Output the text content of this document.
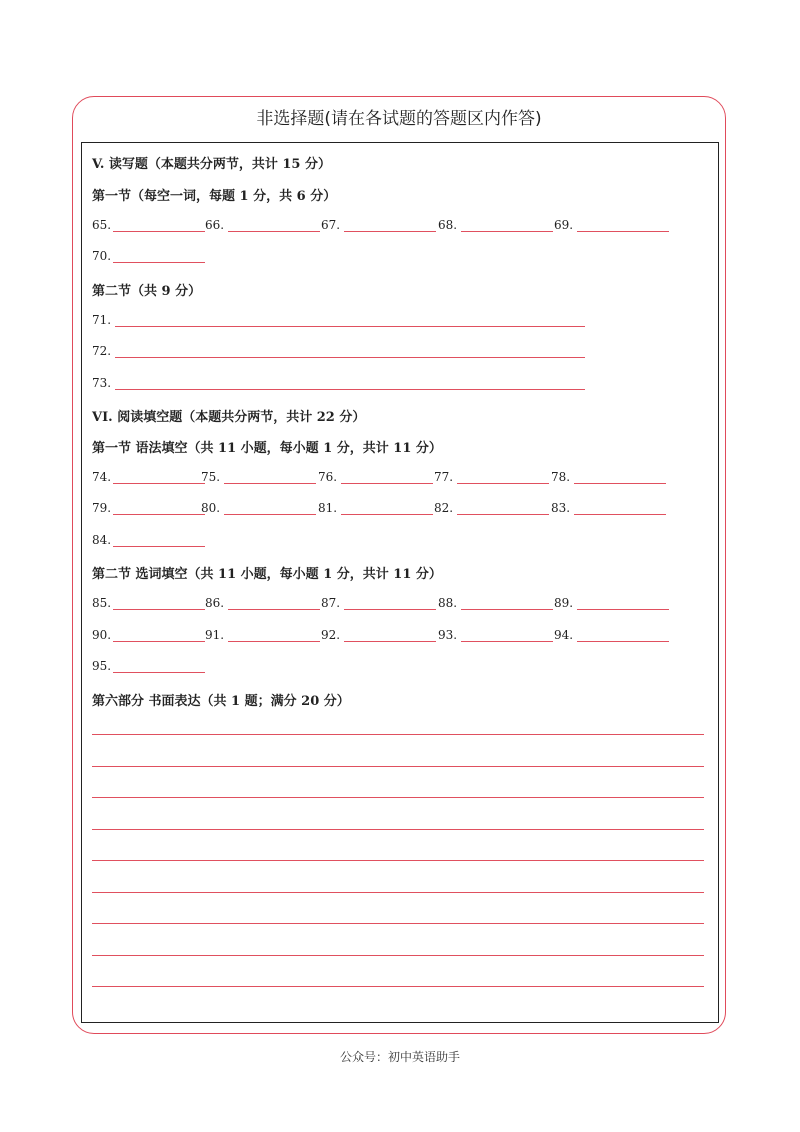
非选择题(请在各试题的答题区内作答)
V. 读写题（本题共分两节，共计 15 分）
第一节（每空一词，每题 1 分，共 6 分）
65.	66.	67.	68.	69.
70.
第二节（共 9 分）
71.
72.
73.
VI. 阅读填空题（本题共分两节，共计 22 分）
第一节 语法填空（共 11 小题，每小题 1 分，共计 11 分）
74.	75.	76.	77.	78.
79.	80.	81.	82.	83.
84.
第二节 选词填空（共 11 小题，每小题 1 分，共计 11 分）
85.	86.	87.	88.	89.
90.	91.	92.	93.	94.
95.
第六部分 书面表达（共 1 题；满分 20 分）
公众号：初中英语助手
